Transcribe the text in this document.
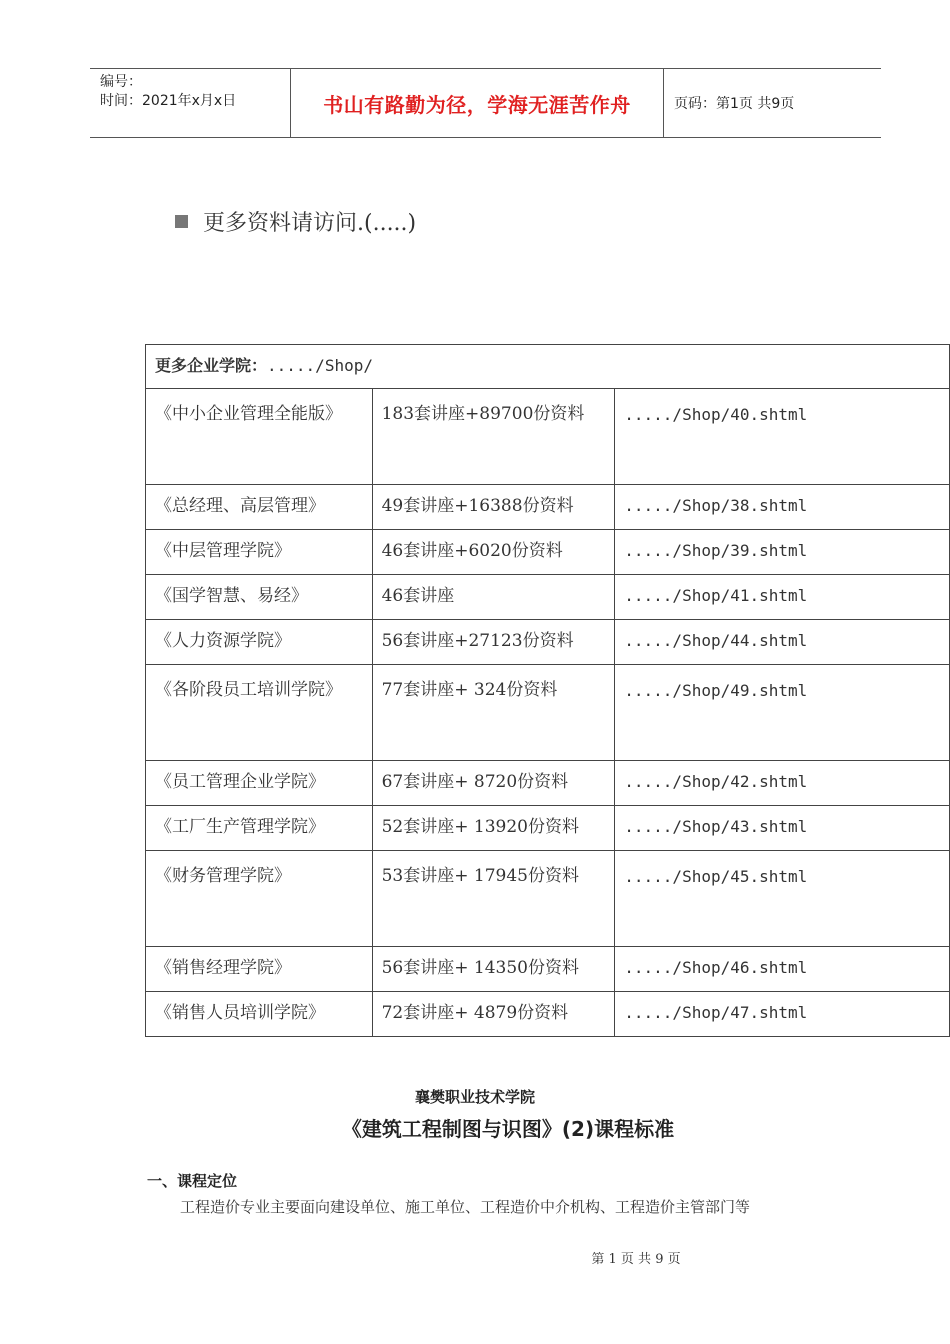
编号：
时间：2021年x月x日	书山有路勤为径，学海无涯苦作舟	页码：第1页 共9页
更多资料请访问.(.....)
更多企业学院：...../Shop/		
《中小企业管理全能版》	183套讲座+89700份资料	...../Shop/40.shtml
《总经理、高层管理》	49套讲座+16388份资料	...../Shop/38.shtml
《中层管理学院》	46套讲座+6020份资料	...../Shop/39.shtml
《国学智慧、易经》	46套讲座	...../Shop/41.shtml
《人力资源学院》	56套讲座+27123份资料	...../Shop/44.shtml
《各阶段员工培训学院》	77套讲座+ 324份资料	...../Shop/49.shtml
《员工管理企业学院》	67套讲座+ 8720份资料	...../Shop/42.shtml
《工厂生产管理学院》	52套讲座+ 13920份资料	...../Shop/43.shtml
《财务管理学院》	53套讲座+ 17945份资料	...../Shop/45.shtml
《销售经理学院》	56套讲座+ 14350份资料	...../Shop/46.shtml
《销售人员培训学院》	72套讲座+ 4879份资料	...../Shop/47.shtml
襄樊职业技术学院
《建筑工程制图与识图》(2)课程标准
一、课程定位
工程造价专业主要面向建设单位、施工单位、工程造价中介机构、工程造价主管部门等
第 1 页 共 9 页
